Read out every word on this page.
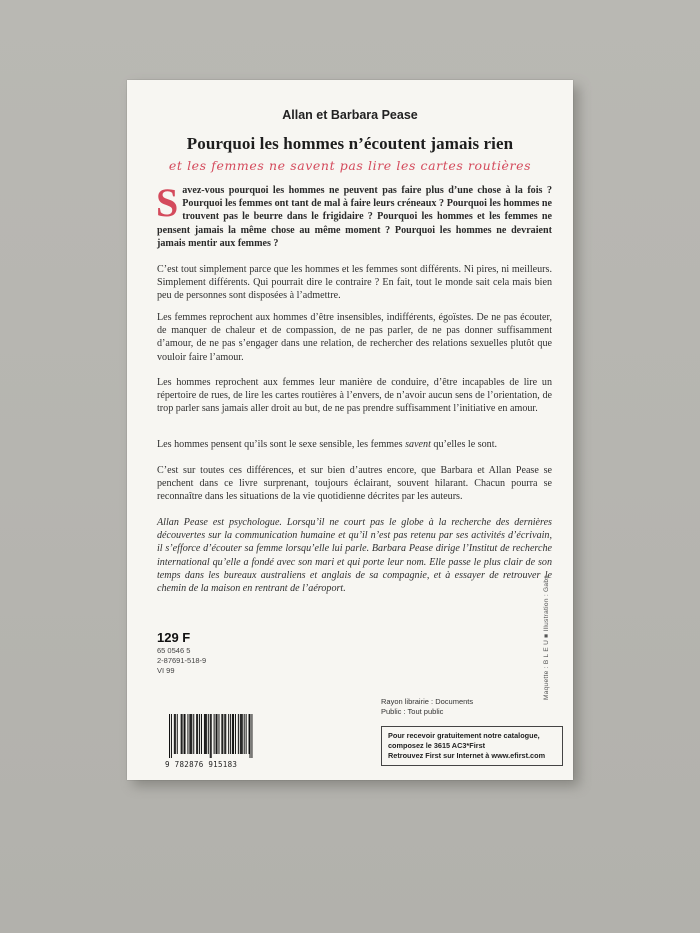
Allan et Barbara Pease
Pourquoi les hommes n’écoutent jamais rien
et les femmes ne savent pas lire les cartes routières
Savez-vous pourquoi les hommes ne peuvent pas faire plus d’une chose à la fois ? Pourquoi les femmes ont tant de mal à faire leurs créneaux ? Pourquoi les hommes ne trouvent pas le beurre dans le frigidaire ? Pourquoi les hommes et les femmes ne pensent jamais la même chose au même moment ? Pourquoi les hommes ne devraient jamais mentir aux femmes ?
C’est tout simplement parce que les hommes et les femmes sont différents. Ni pires, ni meilleurs. Simplement différents. Qui pourrait dire le contraire ? En fait, tout le monde sait cela mais bien peu de personnes sont disposées à l’admettre.
Les femmes reprochent aux hommes d’être insensibles, indifférents, égoïstes. De ne pas écouter, de manquer de chaleur et de compassion, de ne pas parler, de ne pas donner suffisamment d’amour, de ne pas s’engager dans une relation, de rechercher des relations sexuelles plutôt que vouloir faire l’amour.
Les hommes reprochent aux femmes leur manière de conduire, d’être incapables de lire un répertoire de rues, de lire les cartes routières à l’envers, de n’avoir aucun sens de l’orientation, de trop parler sans jamais aller droit au but, de ne pas prendre suffisamment l’initiative en amour.
Les hommes pensent qu’ils sont le sexe sensible, les femmes savent qu’elles le sont.
C’est sur toutes ces différences, et sur bien d’autres encore, que Barbara et Allan Pease se penchent dans ce livre surprenant, toujours éclairant, souvent hilarant. Chacun pourra se reconnaître dans les situations de la vie quotidienne décrites par les auteurs.
Allan Pease est psychologue. Lorsqu’il ne court pas le globe à la recherche des dernières découvertes sur la communication humaine et qu’il n’est pas retenu par ses activités d’écrivain, il s’efforce d’écouter sa femme lorsqu’elle lui parle. Barbara Pease dirige l’Institut de recherche international qu’elle a fondé avec son mari et qui porte leur nom. Elle passe le plus clair de son temps dans les bureaux australiens et anglais de sa compagnie, et à essayer de retrouver le chemin de la maison en rentrant de l’aéroport.
129 F
65 0546 5
2-87691-518-9
VI 99
Rayon librairie : Documents
Public : Tout public
9 782876 915183
Pour recevoir gratuitement notre catalogue,
composez le 3615 AC3*First
Retrouvez First sur Internet à www.efirst.com
Maquette : B L E U ■ Illustration : Gabs
